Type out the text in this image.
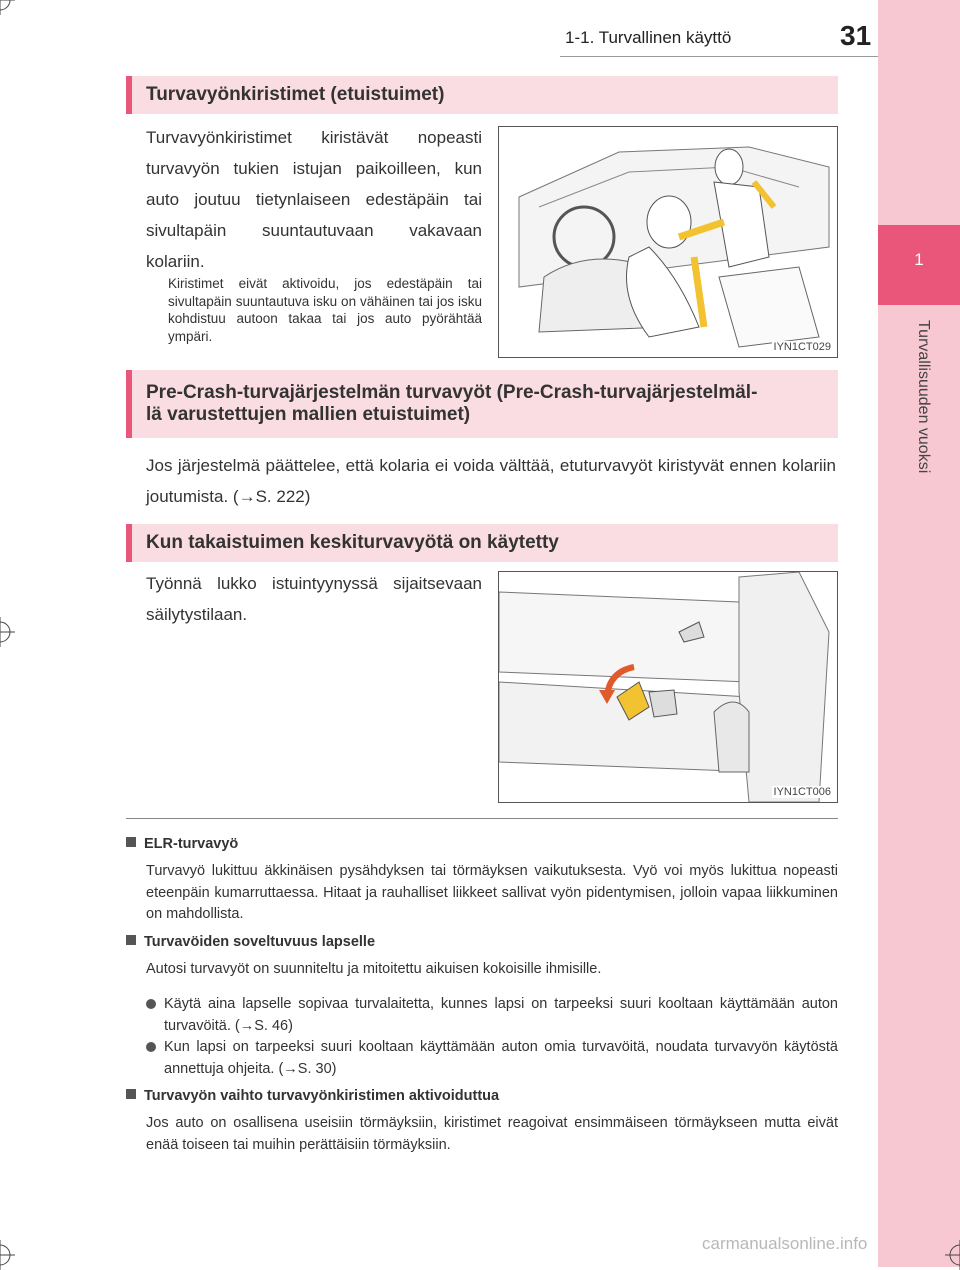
1
Turvallisuuden vuoksi
1-1. Turvallinen käyttö	31
Turvavyönkiristimet (etuistuimet)
Turvavyönkiristimet kiristävät nopeasti turvavyön tukien istujan paikoilleen, kun auto joutuu tietynlaiseen edestäpäin tai sivultapäin suuntautuvaan vakavaan kolariin.
Kiristimet eivät aktivoidu, jos edestäpäin tai sivultapäin suuntautuva isku on vähäinen tai jos isku kohdistuu autoon takaa tai jos auto pyörähtää ympäri.
IYN1CT029
Pre-Crash-turvajärjestelmän turvavyöt (Pre-Crash-turvajärjestelmäl-
lä varustettujen mallien etuistuimet)
Jos järjestelmä päättelee, että kolaria ei voida välttää, etuturvavyöt kiristyvät ennen kolariin joutumista. (→S. 222)
Kun takaistuimen keskiturvavyötä on käytetty
Työnnä lukko istuintyynyssä sijaitsevaan säilytystilaan.
IYN1CT006
ELR-turvavyö
Turvavyö lukittuu äkkinäisen pysähdyksen tai törmäyksen vaikutuksesta. Vyö voi myös lukittua nopeasti eteenpäin kumarruttaessa. Hitaat ja rauhalliset liikkeet sallivat vyön pidentymisen, jolloin vapaa liikkuminen on mahdollista.
Turvavöiden soveltuvuus lapselle
Autosi turvavyöt on suunniteltu ja mitoitettu aikuisen kokoisille ihmisille.
Käytä aina lapselle sopivaa turvalaitetta, kunnes lapsi on tarpeeksi suuri kooltaan käyttämään auton turvavöitä. (→S. 46)
Kun lapsi on tarpeeksi suuri kooltaan käyttämään auton omia turvavöitä, noudata turvavyön käytöstä annettuja ohjeita. (→S. 30)
Turvavyön vaihto turvavyönkiristimen aktivoiduttua
Jos auto on osallisena useisiin törmäyksiin, kiristimet reagoivat ensimmäiseen törmäykseen mutta eivät enää toiseen tai muihin perättäisiin törmäyksiin.
carmanualsonline.info
